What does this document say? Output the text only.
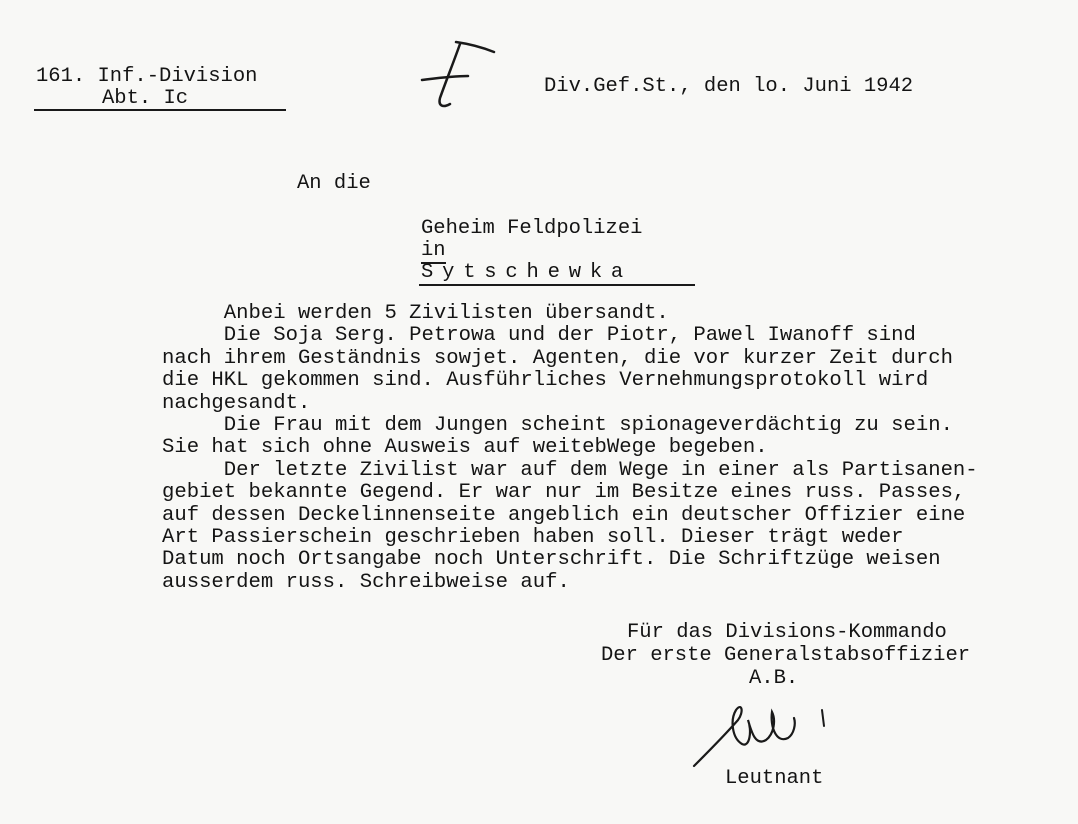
161. Inf.-Division
Abt. Ic
Div.Gef.St., den lo. Juni 1942
An die
Geheim Feldpolizei
in
Sytschewka

Anbei werden 5 Zivilisten übersandt.

Die Soja Serg. Petrowa und der Piotr, Pawel Iwanoff sind

nach ihrem Geständnis sowjet. Agenten, die vor kurzer Zeit durch

die HKL gekommen sind. Ausführliches Vernehmungsprotokoll wird

nachgesandt.

Die Frau mit dem Jungen scheint spionageverdächtig zu sein.

Sie hat sich ohne Ausweis auf weitebWege begeben.

Der letzte Zivilist war auf dem Wege in einer als Partisanen-

gebiet bekannte Gegend. Er war nur im Besitze eines russ. Passes,

auf dessen Deckelinnenseite angeblich ein deutscher Offizier eine

Art Passierschein geschrieben haben soll. Dieser trägt weder

Datum noch Ortsangabe noch Unterschrift. Die Schriftzüge weisen

ausserdem russ. Schreibweise auf.

Für das Divisions-Kommando

Der erste Generalstabsoffizier

A.B.

Leutnant
